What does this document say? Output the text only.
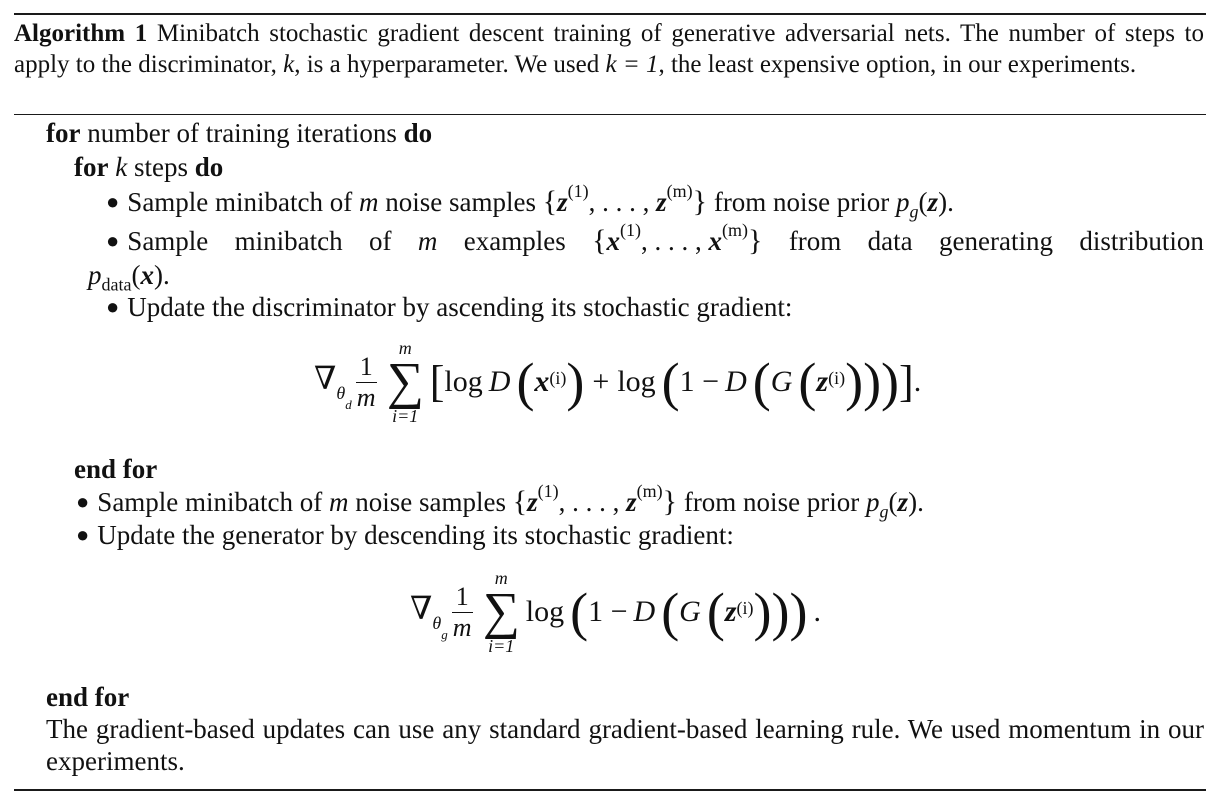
Algorithm 1 Minibatch stochastic gradient descent training of generative adversarial nets. The number of steps to apply to the discriminator, k, is a hyperparameter. We used k = 1, the least expensive option, in our experiments.
for number of training iterations do
for k steps do
● Sample minibatch of m noise samples {$z^{(1)}$, . . . , $z^{(m)}$} from noise prior $p_g(z)$.
● Sample minibatch of m examples {$x^{(1)}$, . . . , $x^{(m)}$} from data generating distribution
$p_{data}(x)$.
● Update the discriminator by ascending its stochastic gradient:
$\nabla_{\theta_d} \frac{1}{m}$
m
∑
i=1
[ log D ( $x^{(i)}$ ) + log ( 1 − D ( G ( $z^{(i)}$ ) ) ) ] .
end for
● Sample minibatch of m noise samples {$z^{(1)}$, . . . , $z^{(m)}$} from noise prior $p_g(z)$.
● Update the generator by descending its stochastic gradient:
$\nabla_{\theta_g} \frac{1}{m}$
m
∑
i=1
log ( 1 − D ( G ( $z^{(i)}$ ) ) ) .
end for
The gradient-based updates can use any standard gradient-based learning rule. We used momentum in our experiments.
